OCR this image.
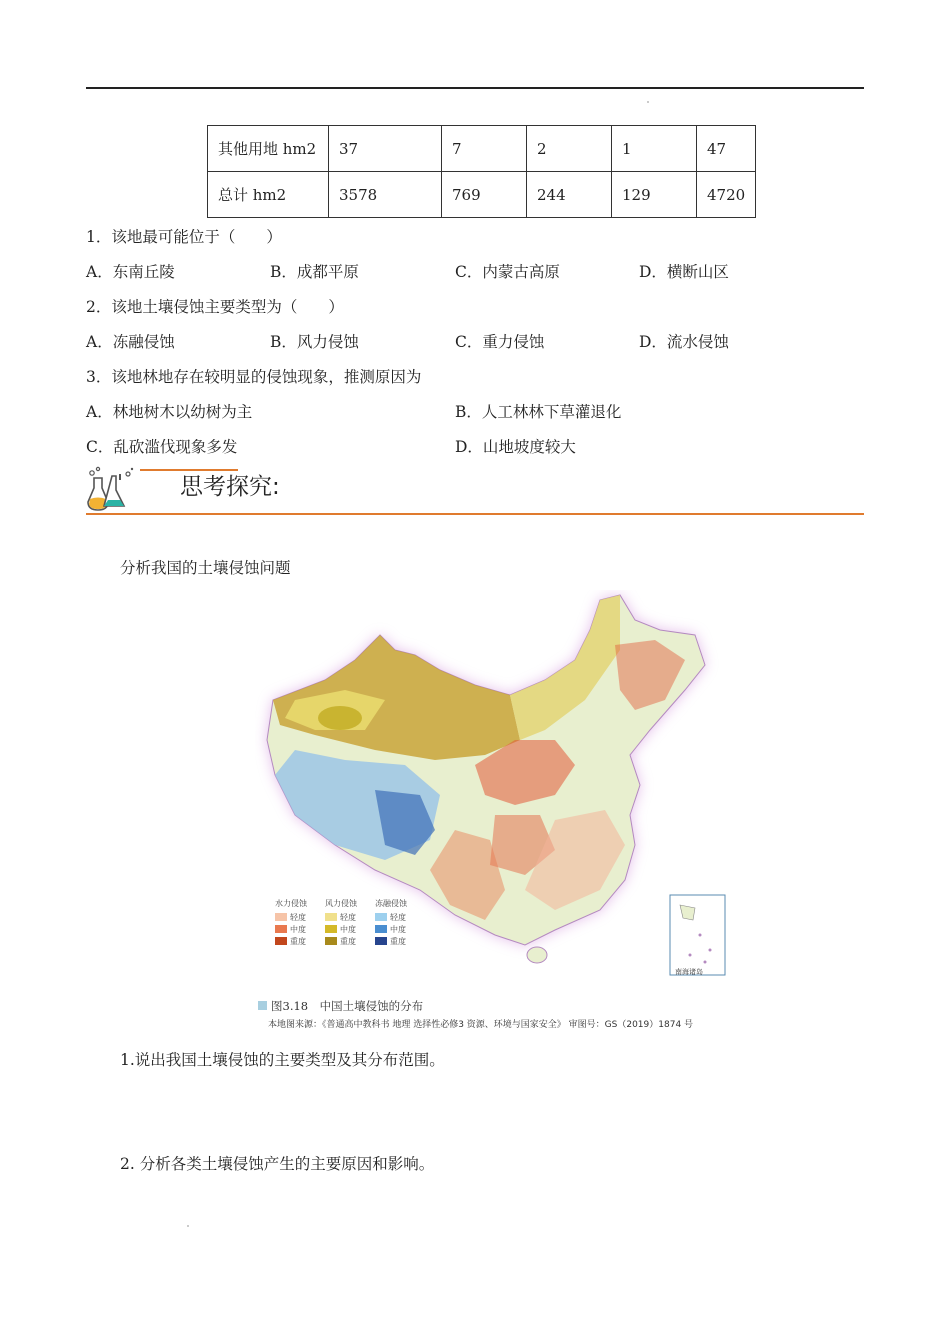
其他用地 hm2	37	7	2	1	47
总计 hm2	3578	769	244	129	4720
1．该地最可能位于（　　）
A．东南丘陵	B．成都平原	C．内蒙古高原	D．横断山区
2．该地土壤侵蚀主要类型为（　　）
A．冻融侵蚀	B．风力侵蚀	C．重力侵蚀	D．流水侵蚀
3．该地林地存在较明显的侵蚀现象，推测原因为
A．林地树木以幼树为主	B．人工林林下草灌退化
C．乱砍滥伐现象多发	D．山地坡度较大
思考探究:
分析我国的土壤侵蚀问题
南海诸岛
水力侵蚀
轻度
中度
重度
风力侵蚀
轻度
中度
重度
冻融侵蚀
轻度
中度
重度
图3.18　中国土壤侵蚀的分布
本地图来源：《普通高中教科书 地理 选择性必修3 资源、环境与国家安全》 审图号：GS（2019）1874 号
1.说出我国土壤侵蚀的主要类型及其分布范围。
2. 分析各类土壤侵蚀产生的主要原因和影响。
